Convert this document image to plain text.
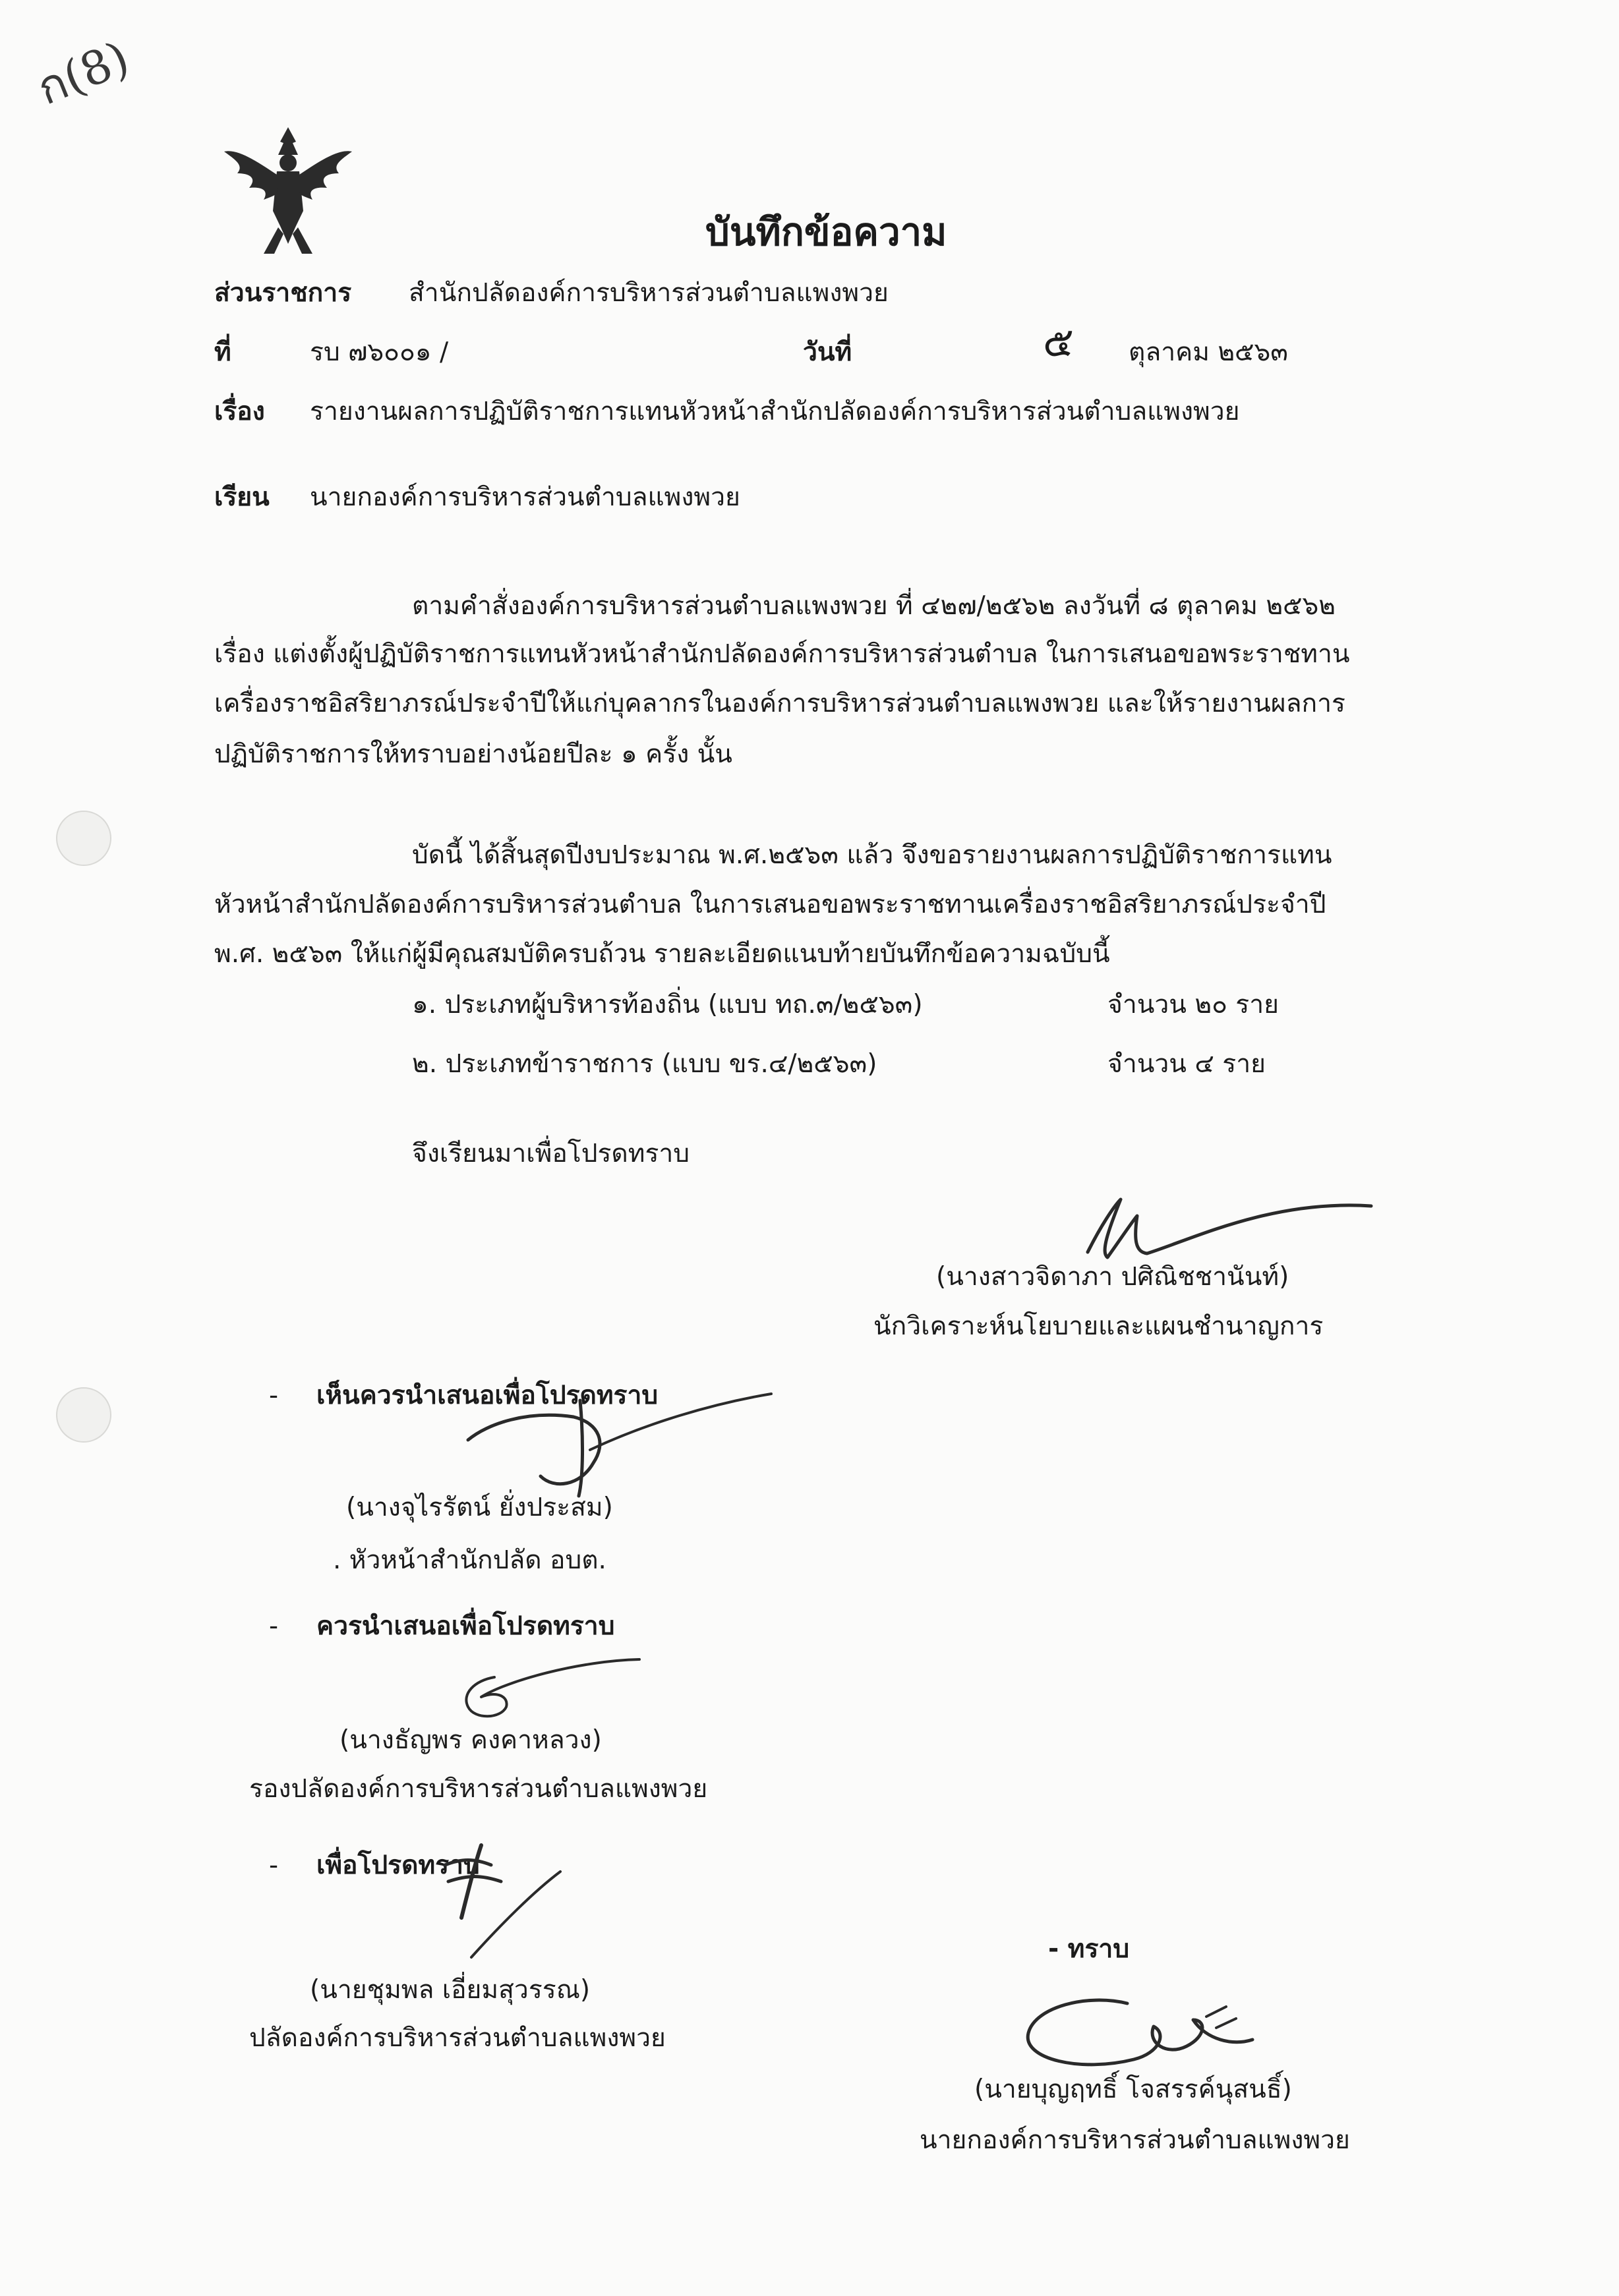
ก(8)
บันทึกข้อความ
ส่วนราชการ สำนักปลัดองค์การบริหารส่วนตำบลแพงพวย
ที่	รบ ๗๖๐๐๑ /	วันที่	๕ ตุลาคม ๒๕๖๓
เรื่อง รายงานผลการปฏิบัติราชการแทนหัวหน้าสำนักปลัดองค์การบริหารส่วนตำบลแพงพวย
เรียน นายกองค์การบริหารส่วนตำบลแพงพวย
ตามคำสั่งองค์การบริหารส่วนตำบลแพงพวย ที่ ๔๒๗/๒๕๖๒ ลงวันที่ ๘ ตุลาคม ๒๕๖๒
เรื่อง แต่งตั้งผู้ปฏิบัติราชการแทนหัวหน้าสำนักปลัดองค์การบริหารส่วนตำบล ในการเสนอขอพระราชทาน
เครื่องราชอิสริยาภรณ์ประจำปีให้แก่บุคลากรในองค์การบริหารส่วนตำบลแพงพวย และให้รายงานผลการ
ปฏิบัติราชการให้ทราบอย่างน้อยปีละ ๑ ครั้ง นั้น
บัดนี้ ได้สิ้นสุดปีงบประมาณ พ.ศ.๒๕๖๓ แล้ว จึงขอรายงานผลการปฏิบัติราชการแทน
หัวหน้าสำนักปลัดองค์การบริหารส่วนตำบล ในการเสนอขอพระราชทานเครื่องราชอิสริยาภรณ์ประจำปี
พ.ศ. ๒๕๖๓ ให้แก่ผู้มีคุณสมบัติครบถ้วน รายละเอียดแนบท้ายบันทึกข้อความฉบับนี้
๑. ประเภทผู้บริหารท้องถิ่น (แบบ ทถ.๓/๒๕๖๓)	จำนวน ๒๐ ราย
๒. ประเภทข้าราชการ (แบบ ขร.๔/๒๕๖๓)	จำนวน ๔ ราย
จึงเรียนมาเพื่อโปรดทราบ
(นางสาวจิดาภา ปศิณิชชานันท์)
นักวิเคราะห์นโยบายและแผนชำนาญการ
- เห็นควรนำเสนอเพื่อโปรดทราบ
(นางจุไรรัตน์ ยั่งประสม)
. หัวหน้าสำนักปลัด อบต.
- ควรนำเสนอเพื่อโปรดทราบ
(นางธัญพร คงคาหลวง)
รองปลัดองค์การบริหารส่วนตำบลแพงพวย
- เพื่อโปรดทราบ
(นายชุมพล เอี่ยมสุวรรณ)
ปลัดองค์การบริหารส่วนตำบลแพงพวย
- ทราบ
(นายบุญฤทธิ์ โจสรรค์นุสนธิ์)
นายกองค์การบริหารส่วนตำบลแพงพวย
